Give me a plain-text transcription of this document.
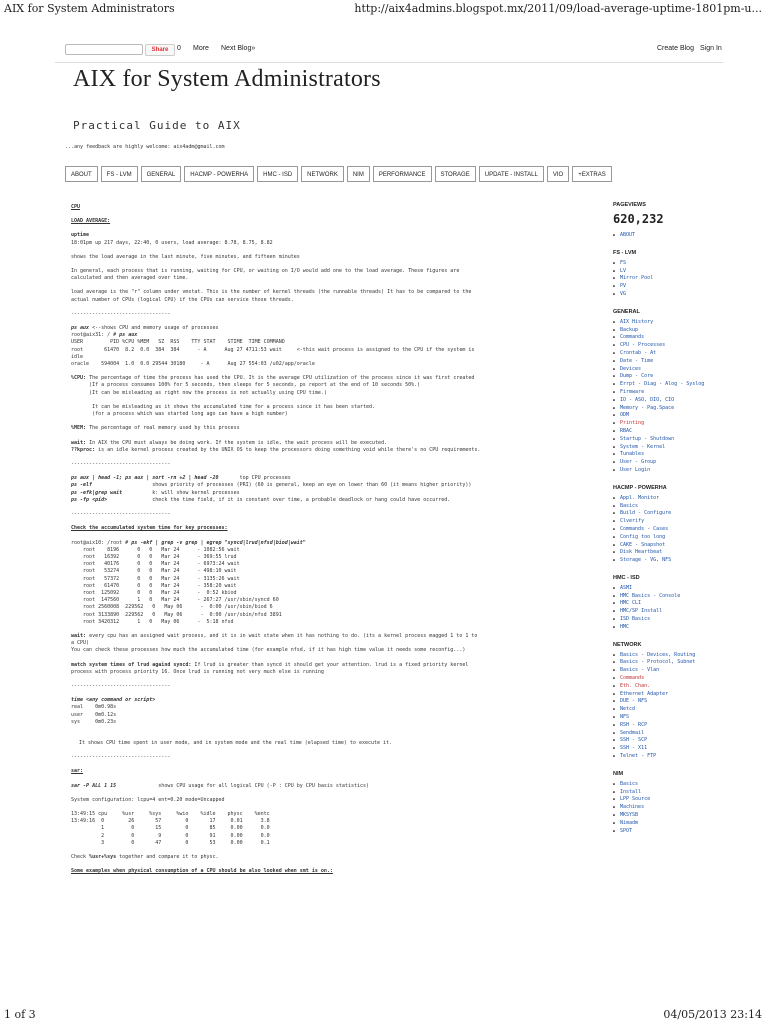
AIX for System Administrators	http://aix4admins.blogspot.mx/2011/09/load-average-uptime-1801pm-u...
Share	0 More Next Blog»	Create Blog Sign In
AIX for System Administrators
Practical Guide to AIX
...any feedback are highly welcome: aix4adm@gmail.com
ABOUT	FS - LVM	GENERAL	HACMP - POWERHA	HMC - ISD	NETWORK	NIM	PERFORMANCE	STORAGE	UPDATE - INSTALL	VIO	+EXTRAS
CPU
LOAD AVERAGE:
uptime
18:01pm up 217 days, 22:40, 0 users, load average: 8.78, 8.75, 8.82
shows the load average in the last minute, five minutes, and fifteen minutes
In general, each process that is running, waiting for CPU, or waiting on I/O would add one to the load average. These figures are
calculated and then averaged over time.
load average is the "r" column under vmstat. This is the number of kernel threads (the runnable threads) It has to be compared to the
actual number of CPUs (logical CPU) if the CPUs can service those threads.
---------------------------------
ps aux <--shows CPU and memory usage of processes
root@aix31: / # ps aux
USER         PID %CPU %MEM   SZ  RSS    TTY STAT    STIME  TIME COMMAND
root       61470  8.2  0.0  384  384      - A      Aug 27 4711:53 wait     <-this wait process is assigned to the CPU if the system is
idle
oracle    594004  1.0  0.0 29544 30180     - A      Aug 27 554:03 /u02/app/oracle
%CPU: The percentage of time the process has used the CPU. It is the average CPU utilization of the process since it was first created
(If a process consumes 100% for 5 seconds, then sleeps for 5 seconds, ps report at the end of 10 seconds 50%.)
(It can be misleading as right now the process is not actually using CPU time.)

It can be misleading as it shows the accumulated time for a process since it has been started.
(for a process which was started long ago can have a high number)
%MEM: The percentage of real memory used by this process
wait: In AIX the CPU must always be doing work. If the system is idle, the wait process will be executed.
??kproc: is an idle kernel process created by the UNIX OS to keep the processors doing something void while there's no CPU requirements.
---------------------------------
ps aux | head -1; ps aux | sort -rn +2 | head -20       top CPU processes
ps -elf                    shows priority of processes (PRI) (60 is general, keep an eye on lower than 60 (it means higher priority))
ps -efk|grep wait          k: will show kernel processes
ps -fp <pid>               check the time field, if it is constant over time, a probable deadlock or hang could have occurred.
---------------------------------
Check the accumulated system time for key processes:
root@aix10: /root # ps -ekf | grep -v grep | egrep "syncd|lrud|nfsd|biod|wait"
root    8196      0   0   Mar 24      - 1082:56 wait
root   16392      0   0   Mar 24      - 369:55 lrud
root   40176      0   0   Mar 24      - 6973:24 wait
root   53274      0   0   Mar 24      - 498:10 wait
root   57372      0   0   Mar 24      - 3135:26 wait
root   61470      0   0   Mar 24      - 358:20 wait
root  125092      0   0   Mar 24      -  0:52 kbiod
root  147560      1   0   Mar 24      - 267:27 /usr/sbin/syncd 60
root 2560008  229562   0   May 06      -  0:00 /usr/sbin/biod 6
root 3133890  229562   0   May 06      -  0:00 /usr/sbin/nfsd 3891
root 3420312      1   0   May 06      -  5:18 nfsd
wait: every cpu has an assigned wait process, and it is in wait state when it has nothing to do. (its a kernel process magged 1 to 1 to
a CPU)
You can check these processes how much the accumulated time (for example nfsd, if it has high time value it needs some reconfig...)
match system times of lrud againd syncd: If lrud is greater than syncd it should get your attention. lrud is a fixed priority kernel
process with process priority 16. Once lrud is running not very much else is running
---------------------------------
time <any command or script>
real    0m0.98s
user    0m0.12s
sys     0m0.23s
It shows CPU time spent in user mode, and in system mode and the real time (elapsed time) to execute it.
---------------------------------
sar:
sar -P ALL 1 15              shows CPU usage for all logical CPU (-P : CPU by CPU basis statistics)
System configuration: lcpu=4 ent=0.20 mode=Uncapped
13:49:15 cpu     %usr     %sys     %wio    %idle    physc    %entc
13:49:16  0        26       57        0       17     0.01      3.8
1         0       15        0       85     0.00      0.0
2         0        9        0       91     0.00      0.0
3         0       47        0       53     0.00      0.1
Check %usr+%sys together and compare it to physc.
Some examples when physical consumption of a CPU should be also looked when smt is on.:
PAGEVIEWS
620,232
■ ABOUT
FS - LVM
■ FS
■ LV
■ Mirror Pool
■ PV
■ VG
GENERAL
■ AIX History
■ Backup
■ Commands
■ CPU - Processes
■ Crontab - At
■ Date - Time
■ Devices
■ Dump - Core
■ Errpt - Diag - Alog - Syslog
■ Firmware
■ IO - ASO, DIO, CIO
■ Memory - Pag.Space
■ ODM
■ Printing
■ RBAC
■ Startup - Shutdown
■ System - Kernel
■ Tunables
■ User - Group
■ User Login
HACMP - POWERHA
■ Appl. Monitor
■ Basics
■ Build - Configure
■ Clverify
■ Commands - Cases
■ Config too long
■ CAKE - Snapshot
■ Disk Heartbeat
■ Storage - VG, NFS
HMC - ISD
■ ASMI
■ HMC Basics - Console
■ HMC CLI
■ HMC/SP Install
■ ISD Basics
■ HMC
NETWORK
■ Basics - Devices, Routing
■ Basics - Protocol, Subnet
■ Basics - Vlan
■ Commands
■ Eth. Chan.
■ Ethernet Adapter
■ DUE - NFS
■ Netcd
■ NFS
■ RSH - RCP
■ Sendmail
■ SSH - SCP
■ SSH - X11
■ Telnet - FTP
NIM
■ Basics
■ Install
■ LPP Source
■ Machines
■ MKSYSB
■ Nimadm
■ SPOT
1 of 3	04/05/2013 23:14
